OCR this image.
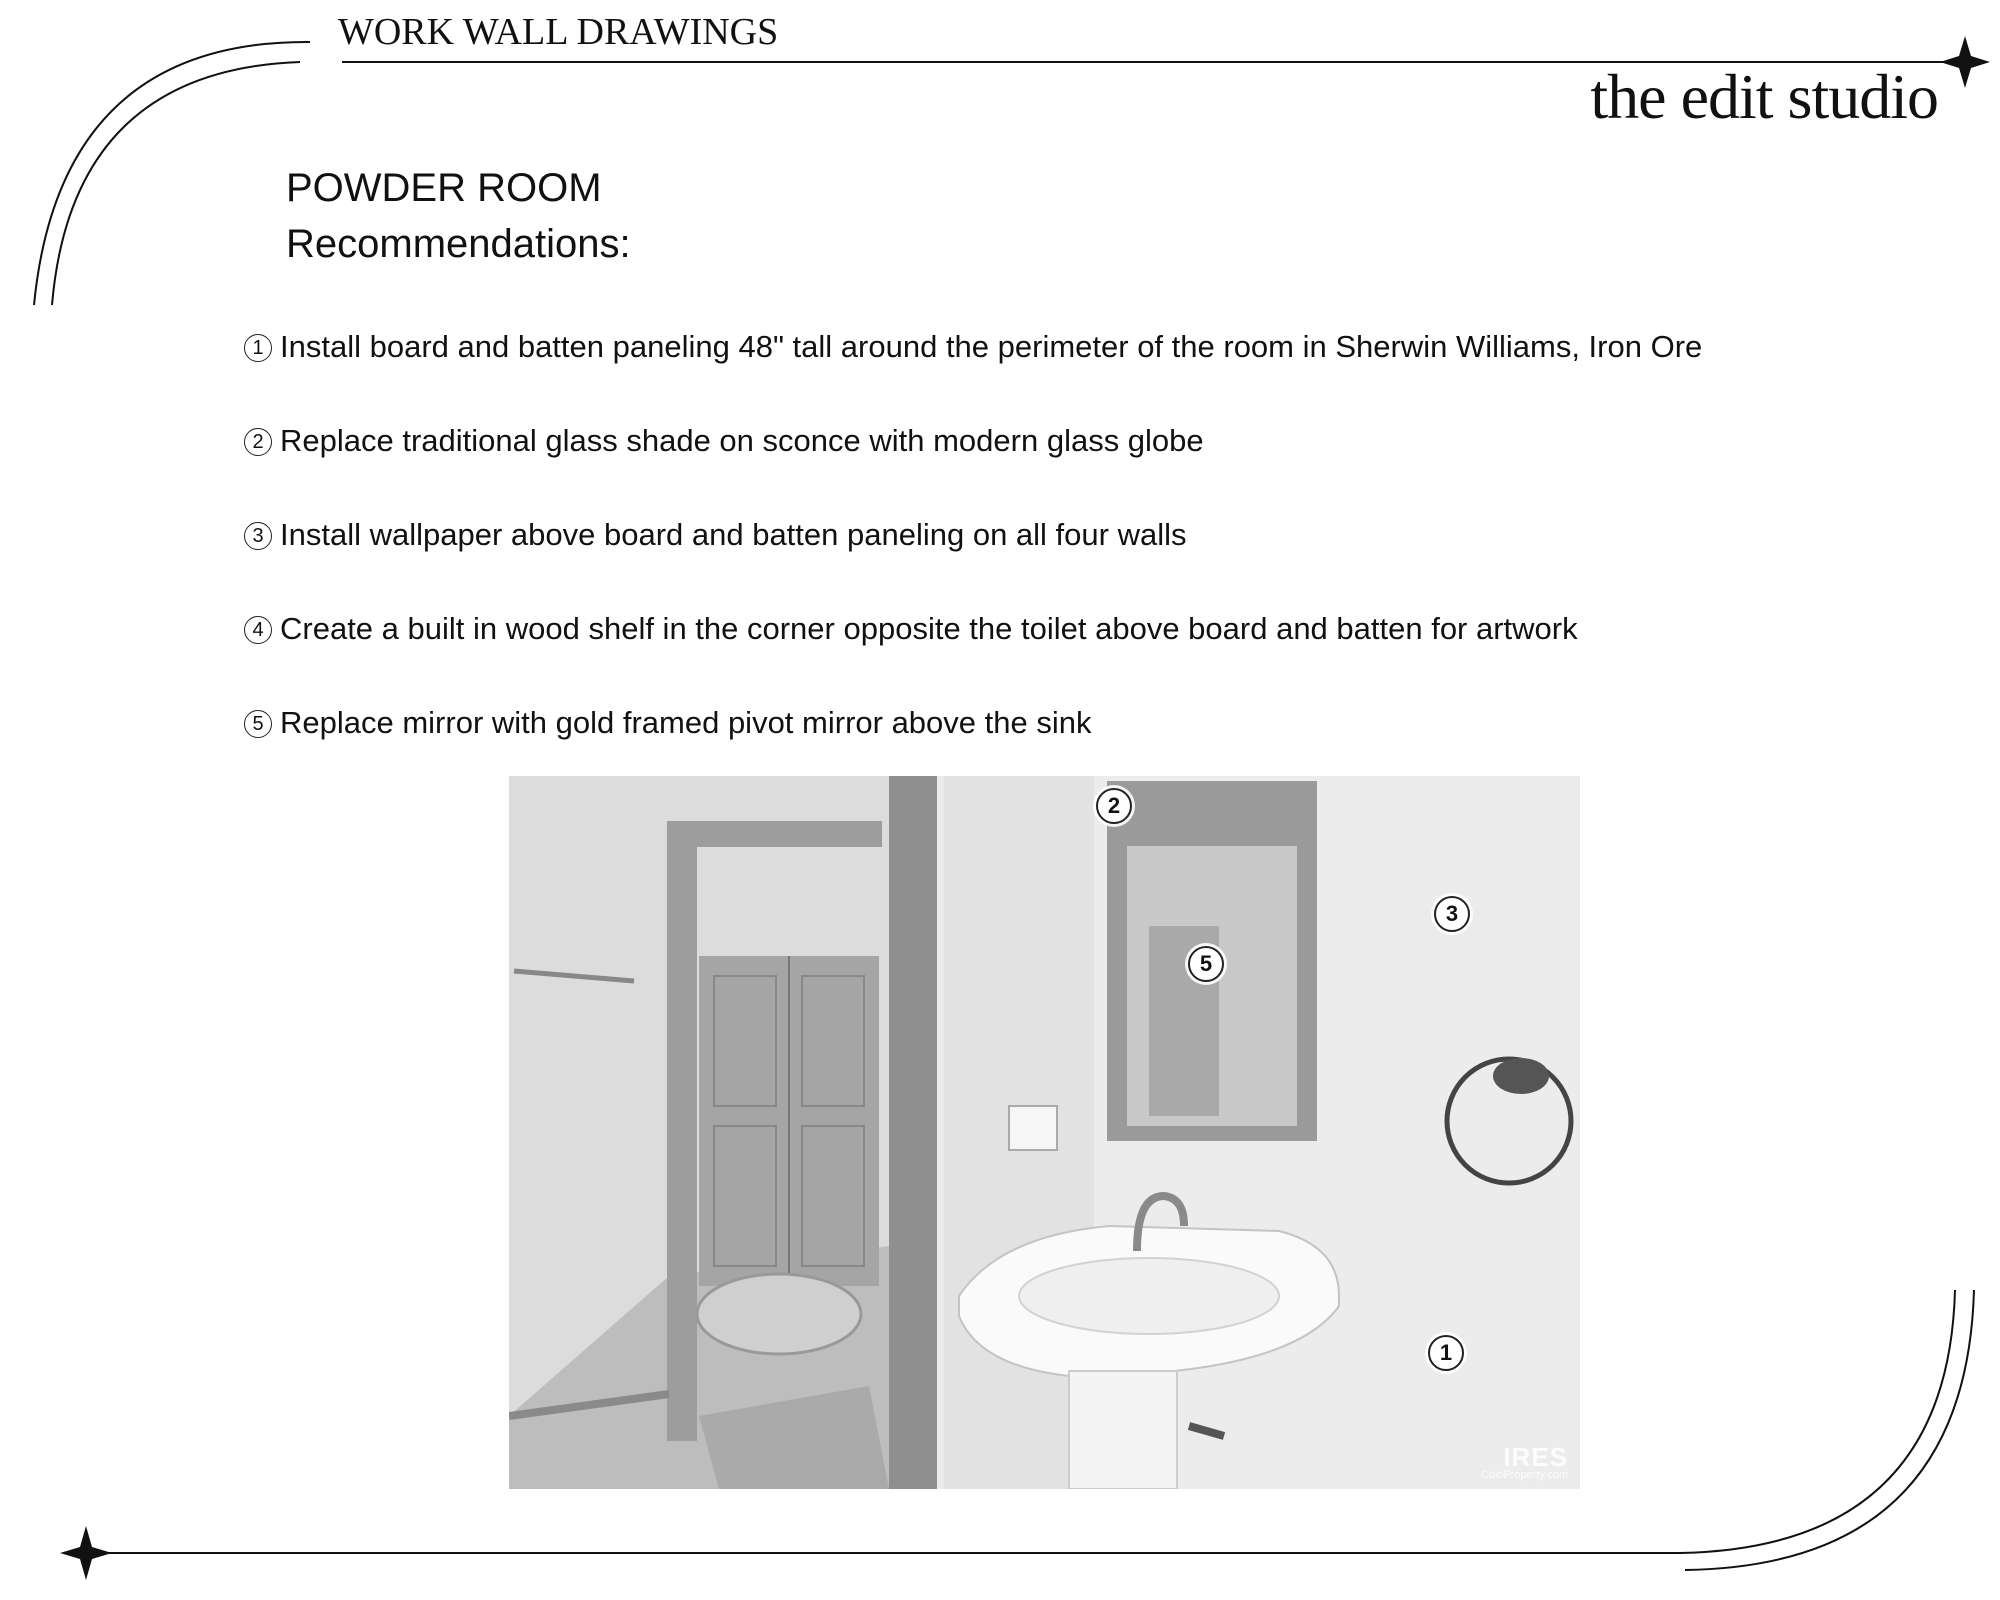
WORK WALL DRAWINGS
the edit studio
POWDER ROOM
Recommendations:
1 Install board and batten paneling 48" tall around the perimeter of the room in Sherwin Williams, Iron Ore
2 Replace traditional glass shade on sconce with modern glass globe
3 Install wallpaper above board and batten paneling on all four walls
4 Create a built in wood shelf in the corner opposite the toilet above board and batten for artwork
5 Replace mirror with gold framed pivot mirror above the sink
2
3
5
1
IRES
ColoProperty.com
